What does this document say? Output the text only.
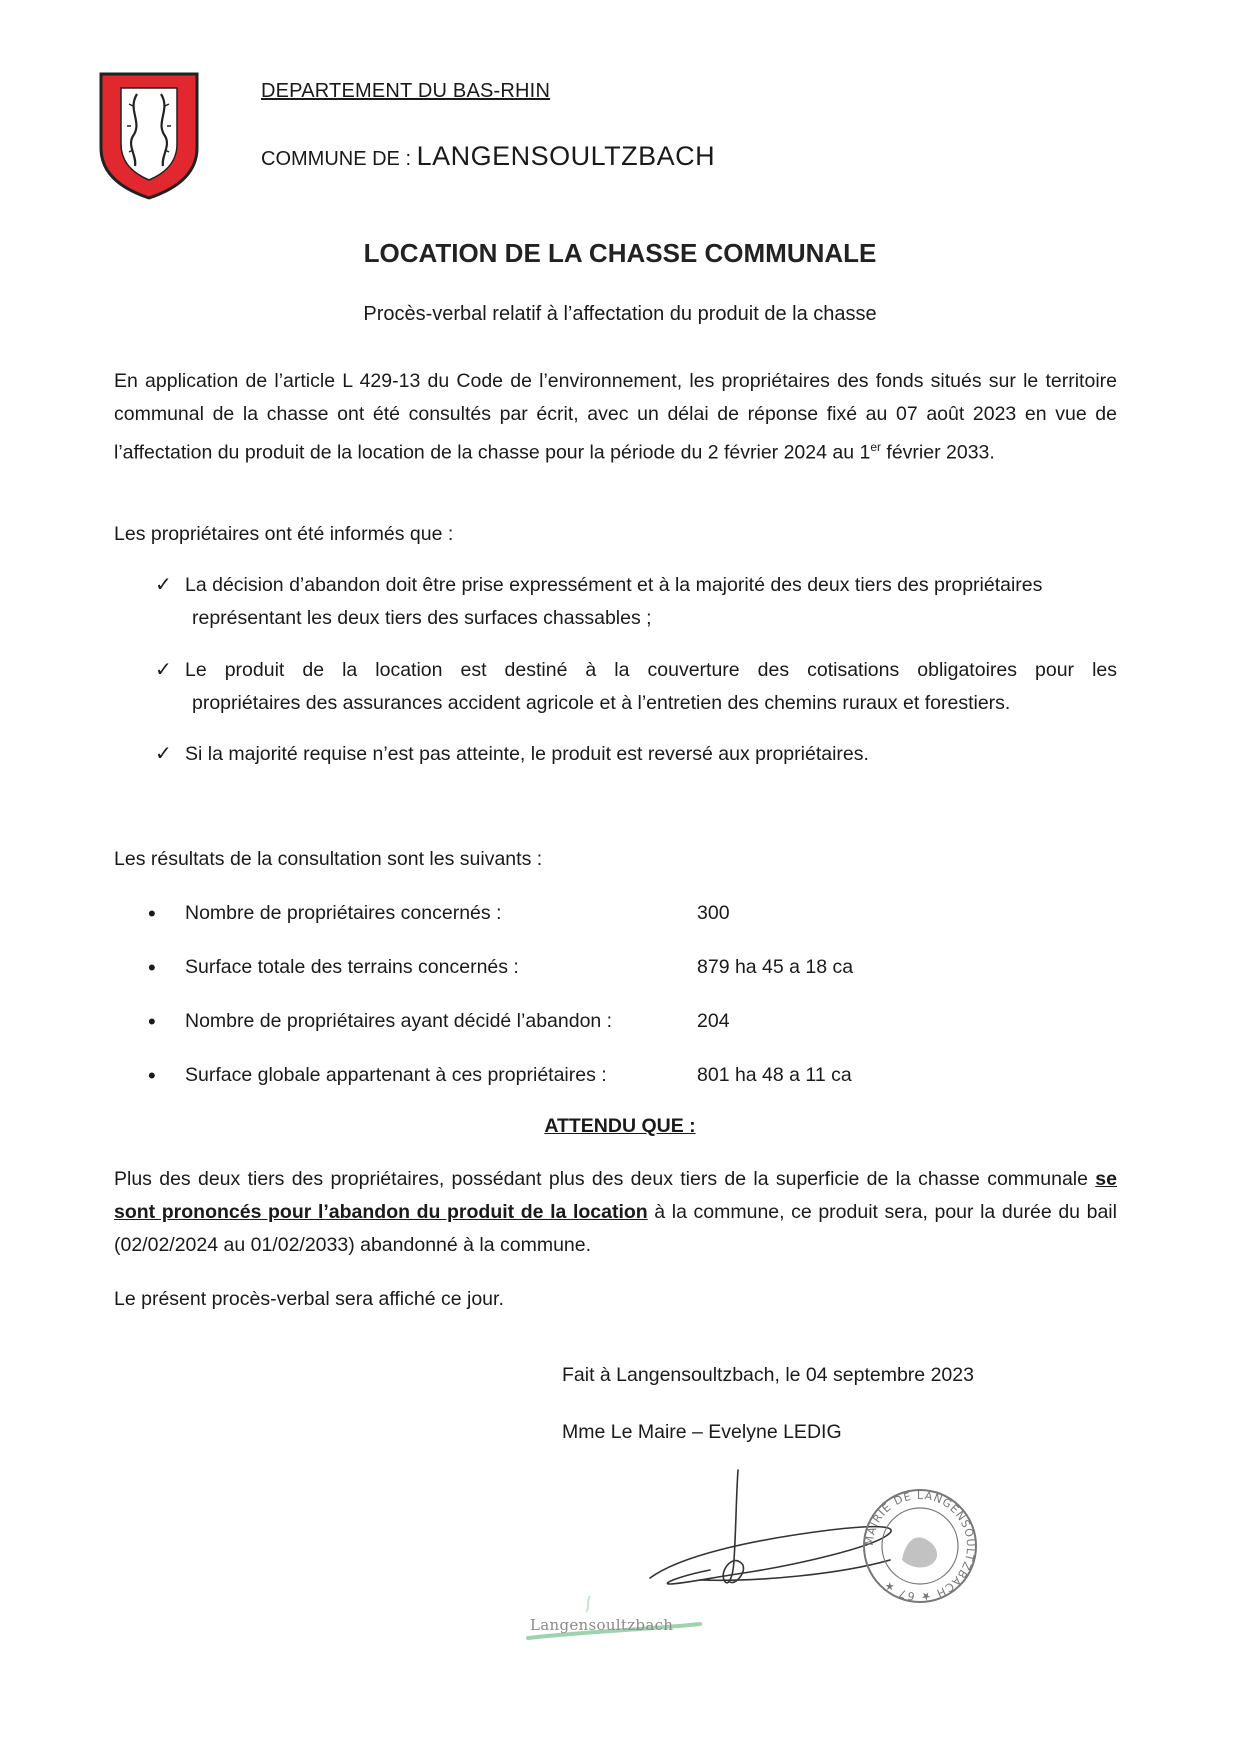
DEPARTEMENT DU BAS-RHIN
COMMUNE DE : LANGENSOULTZBACH
LOCATION DE LA CHASSE COMMUNALE
Procès-verbal relatif à l’affectation du produit de la chasse

En application de l’article L 429-13 du Code de l’environnement, les propriétaires des fonds situés sur le territoire communal de la chasse ont été consultés par écrit, avec un délai de réponse fixé au 07 août 2023 en vue de l’affectation du produit de la location de la chasse pour la période du 2 février 2024 au 1er février 2033.

Les propriétaires ont été informés que :

✓ La décision d’abandon doit être prise expressément et à la majorité des deux tiers des propriétaires
représentant les deux tiers des surfaces chassables ;
✓ Le produit de la location est destiné à la couverture des cotisations obligatoires pour les
propriétaires des assurances accident agricole et à l’entretien des chemins ruraux et forestiers.
✓ Si la majorité requise n’est pas atteinte, le produit est reversé aux propriétaires.

Les résultats de la consultation sont les suivants :

• Nombre de propriétaires concernés :	300
• Surface totale des terrains concernés :	879 ha 45 a 18 ca
• Nombre de propriétaires ayant décidé l’abandon :	204
• Surface globale appartenant à ces propriétaires :	801 ha 48 a 11 ca
ATTENDU QUE :

Plus des deux tiers des propriétaires, possédant plus des deux tiers de la superficie de la chasse communale se sont prononcés pour l’abandon du produit de la location à la commune, ce produit sera, pour la durée du bail (02/02/2024 au 01/02/2033) abandonné à la commune.

Le présent procès-verbal sera affiché ce jour.

Fait à Langensoultzbach, le 04 septembre 2023
Mme Le Maire – Evelyne LEDIG
MAIRIE DE LANGENSOULTZBACH ★ 67 ★
Langensoultzbach
